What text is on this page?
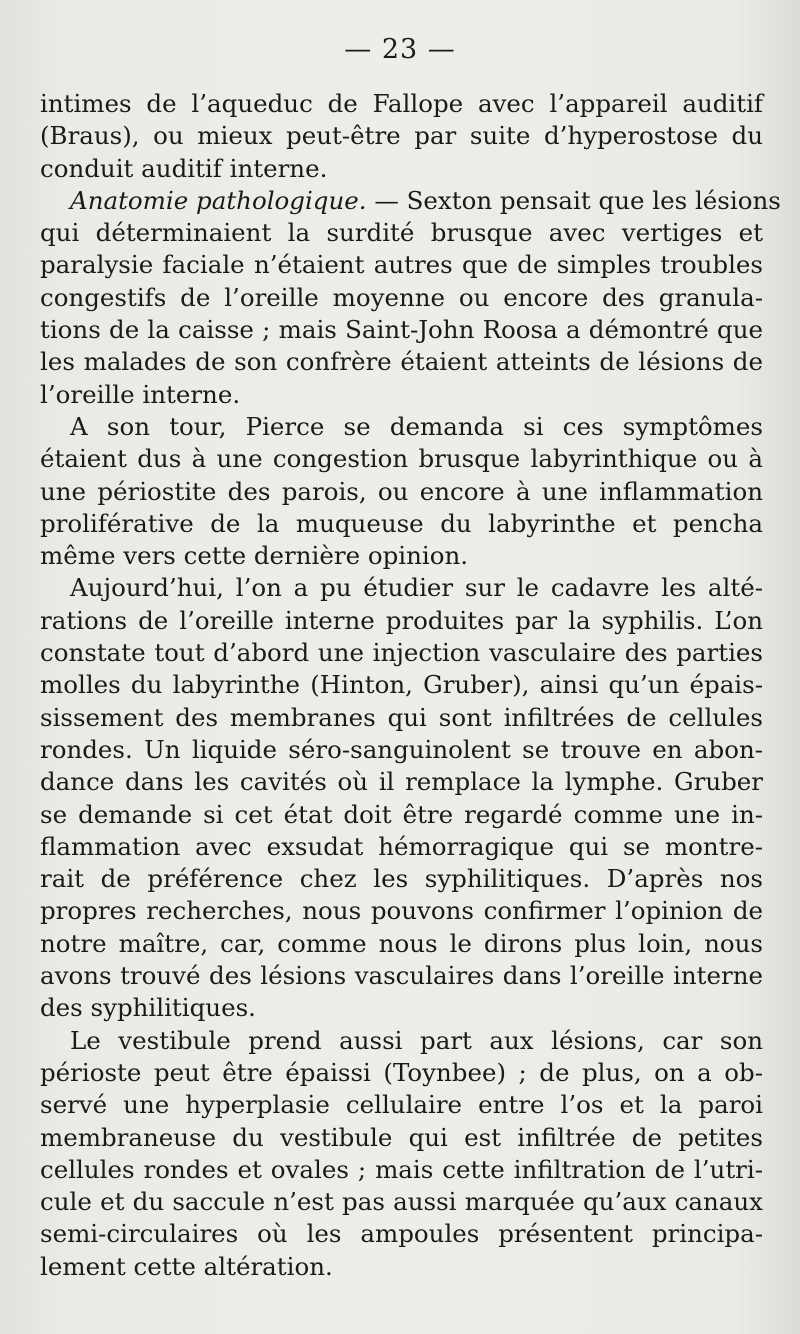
— 23 —
intimes de l’aqueduc de Fallope avec l’appareil auditif
(Braus), ou mieux peut-être par suite d’hyperostose du
conduit auditif interne.
Anatomie pathologique. — Sexton pensait que les lésions
qui déterminaient la surdité brusque avec vertiges et
paralysie faciale n’étaient autres que de simples troubles
congestifs de l’oreille moyenne ou encore des granula-
tions de la caisse ; mais Saint-John Roosa a démontré que
les malades de son confrère étaient atteints de lésions de
l’oreille interne.
A son tour, Pierce se demanda si ces symptômes
étaient dus à une congestion brusque labyrinthique ou à
une périostite des parois, ou encore à une inflammation
proliférative de la muqueuse du labyrinthe et pencha
même vers cette dernière opinion.
Aujourd’hui, l’on a pu étudier sur le cadavre les alté-
rations de l’oreille interne produites par la syphilis. L’on
constate tout d’abord une injection vasculaire des parties
molles du labyrinthe (Hinton, Gruber), ainsi qu’un épais-
sissement des membranes qui sont infiltrées de cellules
rondes. Un liquide séro-sanguinolent se trouve en abon-
dance dans les cavités où il remplace la lymphe. Gruber
se demande si cet état doit être regardé comme une in-
flammation avec exsudat hémorragique qui se montre-
rait de préférence chez les syphilitiques. D’après nos
propres recherches, nous pouvons confirmer l’opinion de
notre maître, car, comme nous le dirons plus loin, nous
avons trouvé des lésions vasculaires dans l’oreille interne
des syphilitiques.
Le vestibule prend aussi part aux lésions, car son
périoste peut être épaissi (Toynbee) ; de plus, on a ob-
servé une hyperplasie cellulaire entre l’os et la paroi
membraneuse du vestibule qui est infiltrée de petites
cellules rondes et ovales ; mais cette infiltration de l’utri-
cule et du saccule n’est pas aussi marquée qu’aux canaux
semi-circulaires où les ampoules présentent principa-
lement cette altération.
